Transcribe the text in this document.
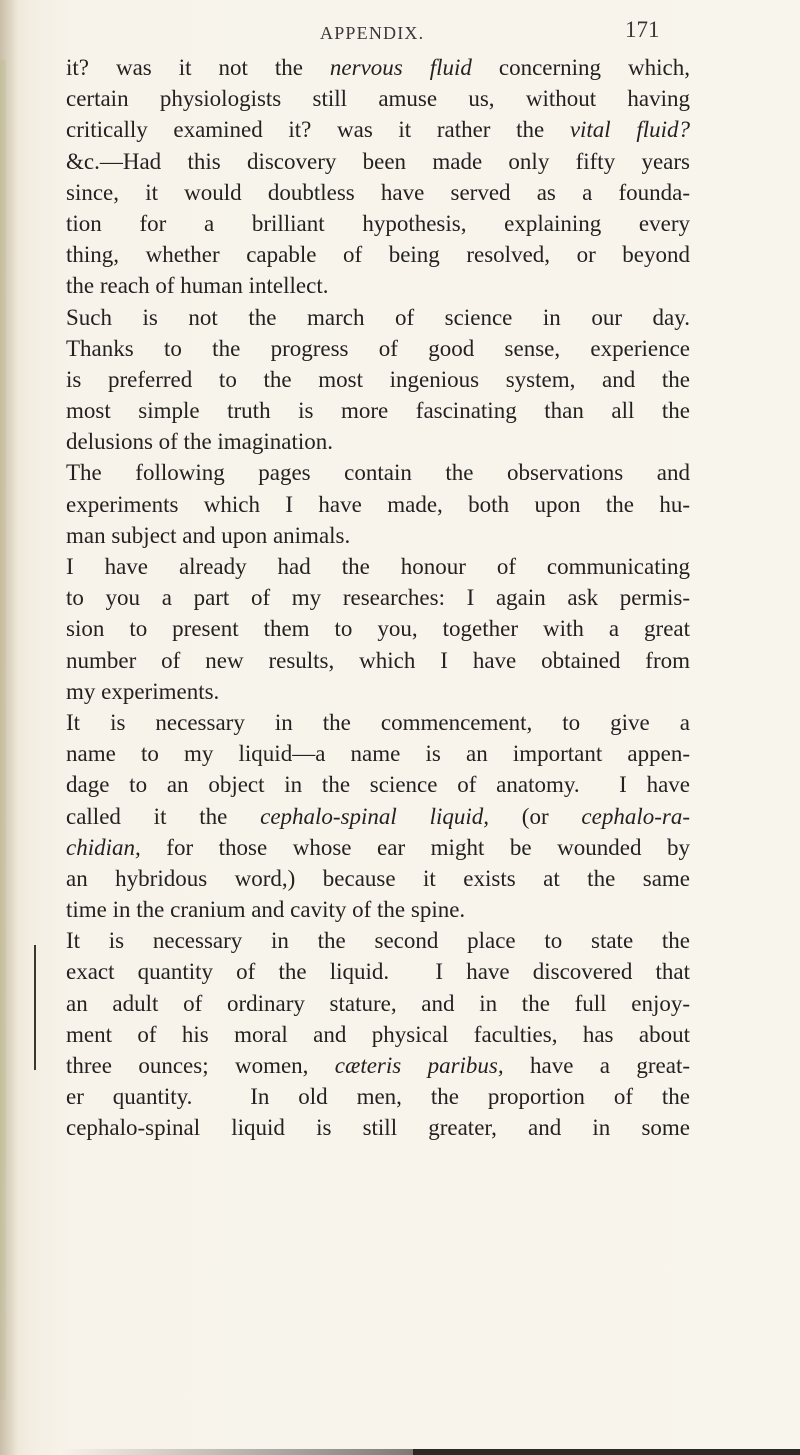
APPENDIX.	171
it? was it not the nervous fluid concerning which,
certain physiologists still amuse us, without having
critically examined it? was it rather the vital fluid?
&c.—Had this discovery been made only fifty years
since, it would doubtless have served as a founda-
tion for a brilliant hypothesis, explaining every
thing, whether capable of being resolved, or beyond
the reach of human intellect.
Such is not the march of science in our day.
Thanks to the progress of good sense, experience
is preferred to the most ingenious system, and the
most simple truth is more fascinating than all the
delusions of the imagination.
The following pages contain the observations and
experiments which I have made, both upon the hu-
man subject and upon animals.
I have already had the honour of communicating
to you a part of my researches: I again ask permis-
sion to present them to you, together with a great
number of new results, which I have obtained from
my experiments.
It is necessary in the commencement, to give a
name to my liquid—a name is an important appen-
dage to an object in the science of anatomy.  I have
called it the cephalo-spinal liquid, (or cephalo-ra-
chidian, for those whose ear might be wounded by
an hybridous word,) because it exists at the same
time in the cranium and cavity of the spine.
It is necessary in the second place to state the
exact quantity of the liquid.  I have discovered that
an adult of ordinary stature, and in the full enjoy-
ment of his moral and physical faculties, has about
three ounces; women, cæteris paribus, have a great-
er quantity.  In old men, the proportion of the
cephalo-spinal liquid is still greater, and in some
